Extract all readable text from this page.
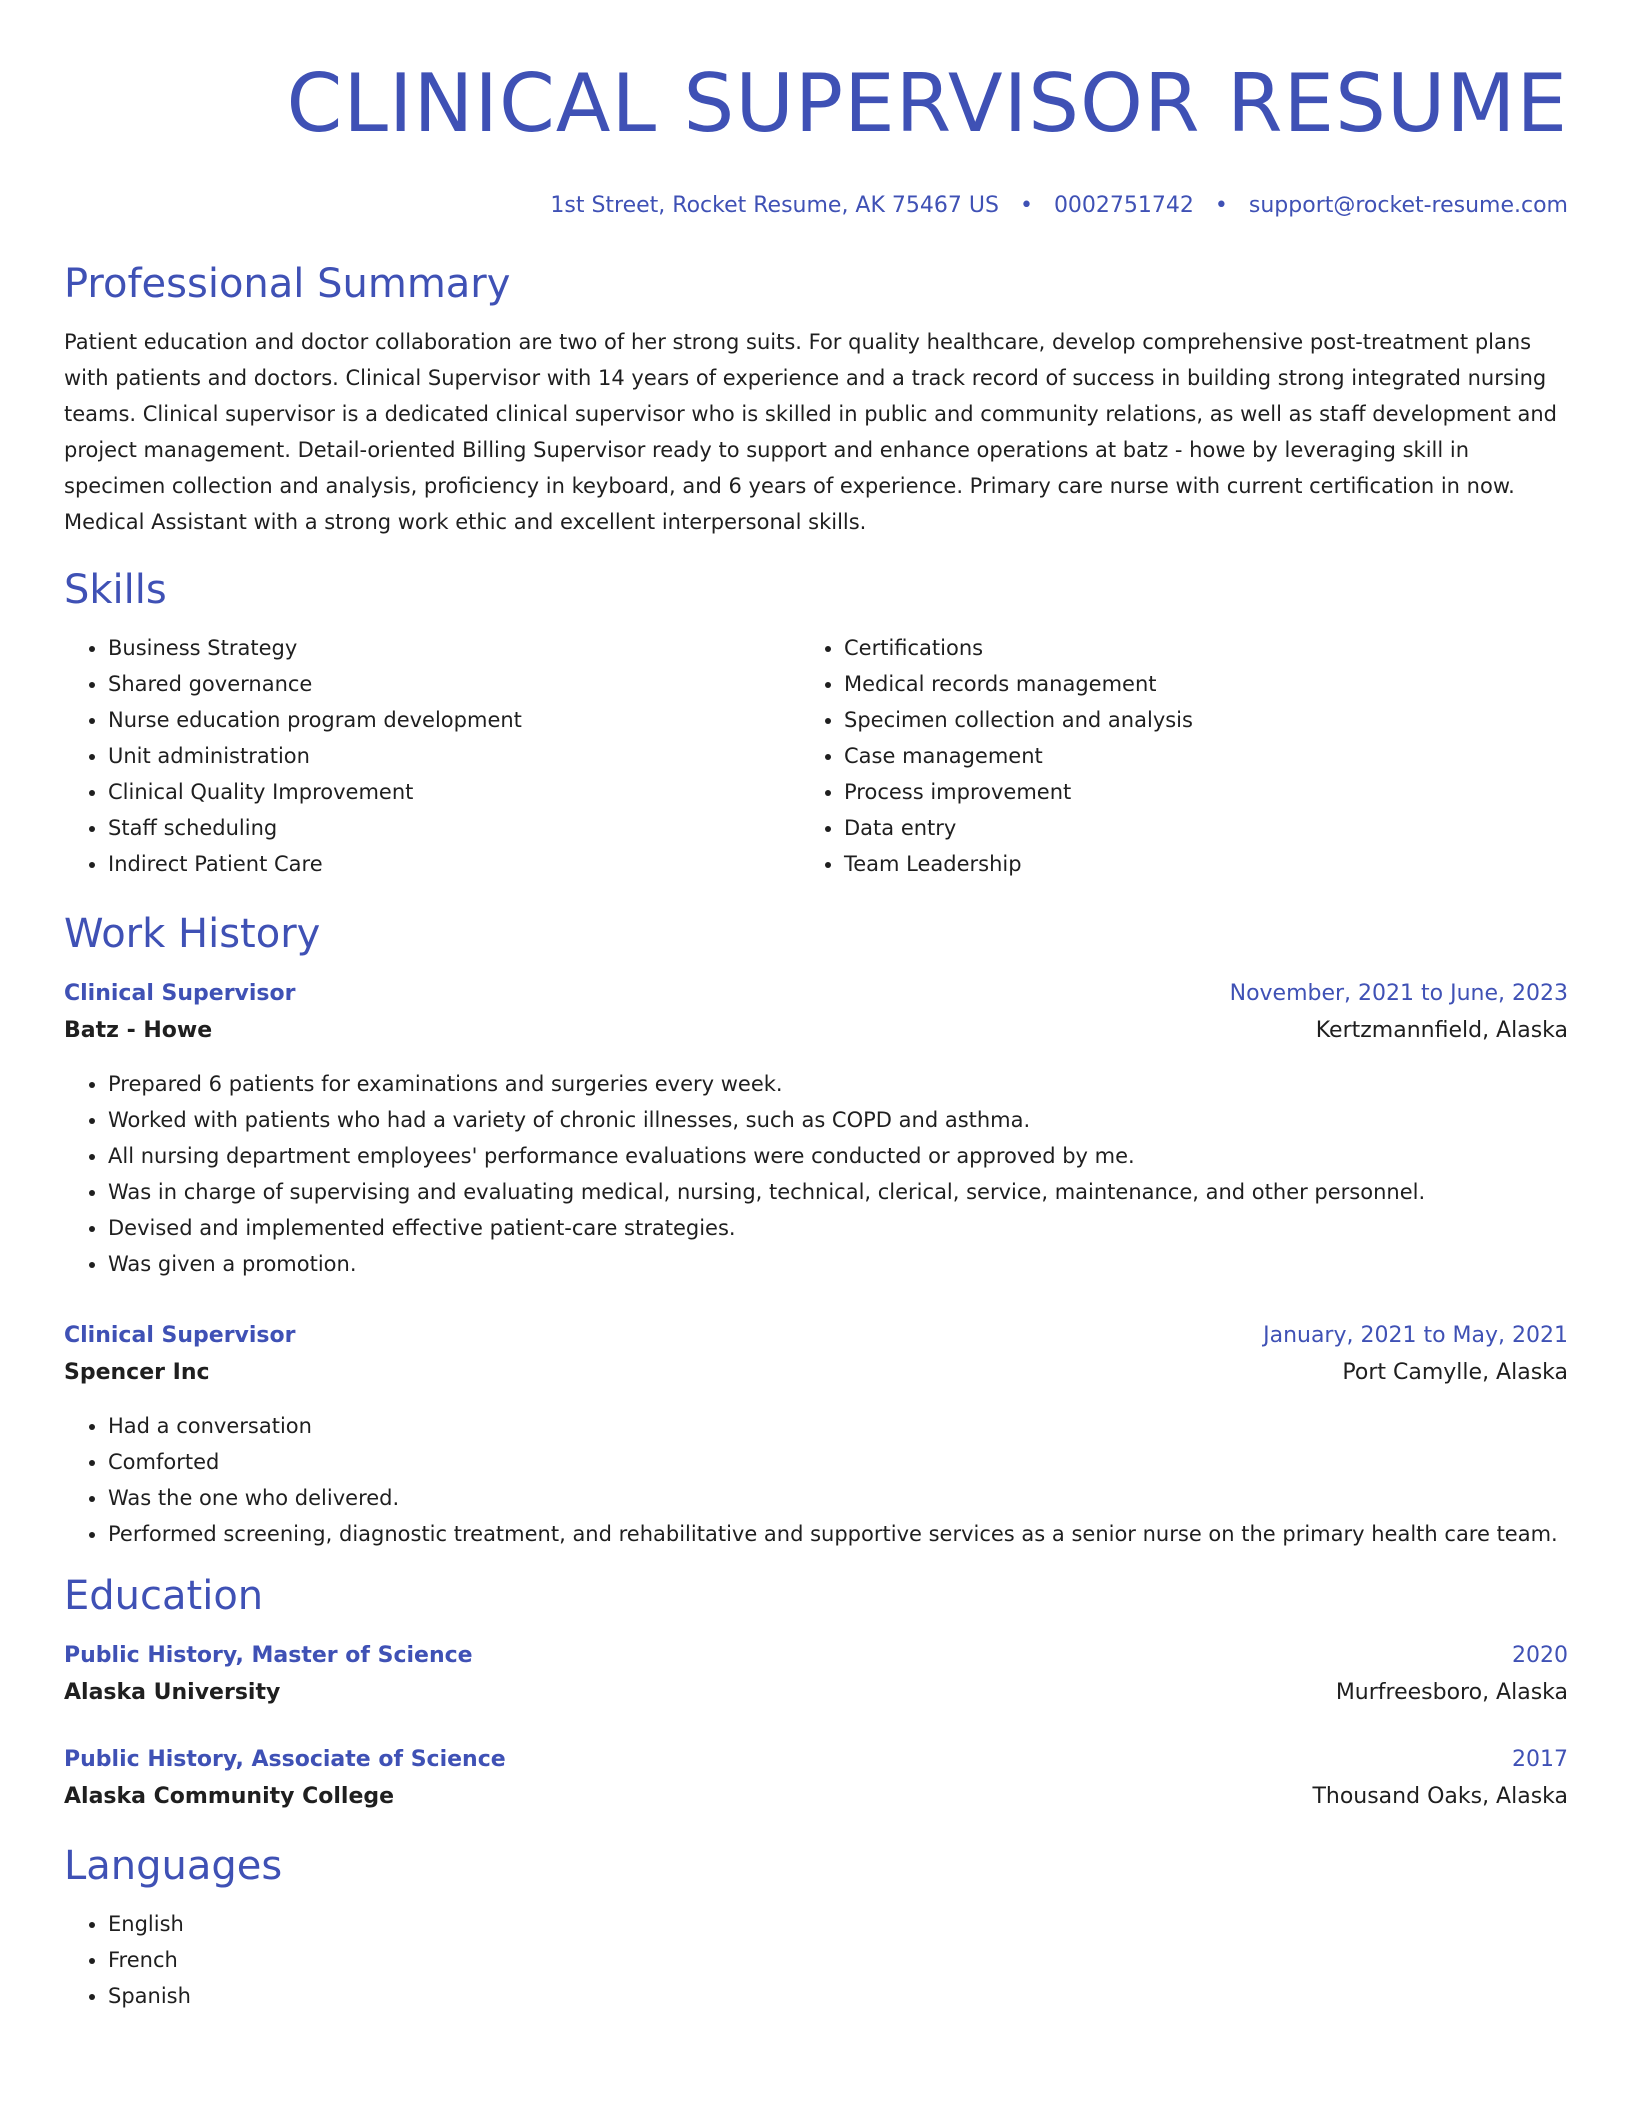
CLINICAL SUPERVISOR RESUME
1st Street, Rocket Resume, AK 75467 US • 0002751742 • support@rocket-resume.com
Professional Summary

Patient education and doctor collaboration are two of her strong suits. For quality healthcare, develop comprehensive post-treatment plans with patients and doctors. Clinical Supervisor with 14 years of experience and a track record of success in building strong integrated nursing teams. Clinical supervisor is a dedicated clinical supervisor who is skilled in public and community relations, as well as staff development and project management. Detail-oriented Billing Supervisor ready to support and enhance operations at batz - howe by leveraging skill in specimen collection and analysis, proficiency in keyboard, and 6 years of experience. Primary care nurse with current certification in now. Medical Assistant with a strong work ethic and excellent interpersonal skills.

Skills
• Business Strategy
• Shared governance
• Nurse education program development
• Unit administration
• Clinical Quality Improvement
• Staff scheduling
• Indirect Patient Care
• Certifications
• Medical records management
• Specimen collection and analysis
• Case management
• Process improvement
• Data entry
• Team Leadership
Work History
Clinical Supervisor	November, 2021 to June, 2023
Batz - Howe	Kertzmannfield, Alaska
• Prepared 6 patients for examinations and surgeries every week.
• Worked with patients who had a variety of chronic illnesses, such as COPD and asthma.
• All nursing department employees' performance evaluations were conducted or approved by me.
• Was in charge of supervising and evaluating medical, nursing, technical, clerical, service, maintenance, and other personnel.
• Devised and implemented effective patient-care strategies.
• Was given a promotion.
Clinical Supervisor	January, 2021 to May, 2021
Spencer Inc	Port Camylle, Alaska
• Had a conversation
• Comforted
• Was the one who delivered.
• Performed screening, diagnostic treatment, and rehabilitative and supportive services as a senior nurse on the primary health care team.
Education
Public History, Master of Science	2020
Alaska University	Murfreesboro, Alaska
Public History, Associate of Science	2017
Alaska Community College	Thousand Oaks, Alaska
Languages
• English
• French
• Spanish
